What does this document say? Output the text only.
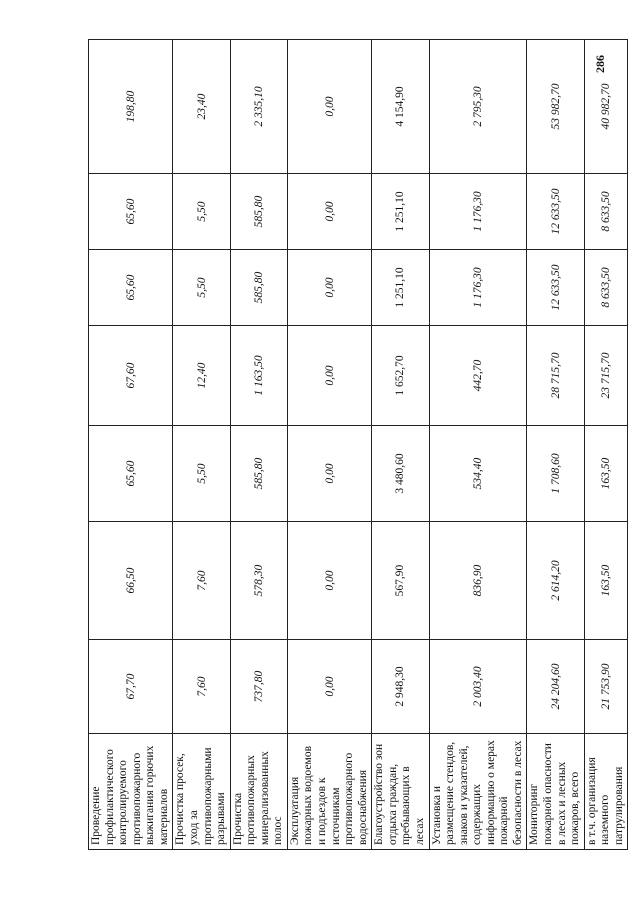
286
Проведение профилактического контролируемого противопожарного выжигания горючих материалов	67,70	66,50	65,60	67,60	65,60	65,60	198,80
Прочистка просек, уход за противопожарными разрывами	7,60	7,60	5,50	12,40	5,50	5,50	23,40
Прочистка противопожарных минерализованных полос	737,80	578,30	585,80	1 163,50	585,80	585,80	2 335,10
Эксплуатация пожарных водоемов и подъездов к источникам противопожарного водоснабжения	0,00	0,00	0,00	0,00	0,00	0,00	0,00
Благоустройство зон отдыха граждан, пребывающих в лесах	2 948,30	567,90	3 480,60	1 652,70	1 251,10	1 251,10	4 154,90
Установка и размещение стендов, знаков и указателей, содержащих информацию о мерах пожарной безопасности в лесах	2 003,40	836,90	534,40	442,70	1 176,30	1 176,30	2 795,30
Мониторинг пожарной опасности в лесах и лесных пожаров, всего	24 204,60	2 614,20	1 708,60	28 715,70	12 633,50	12 633,50	53 982,70
в т.ч. организация наземного патрулирования	21 753,90	163,50	163,50	23 715,70	8 633,50	8 633,50	40 982,70
